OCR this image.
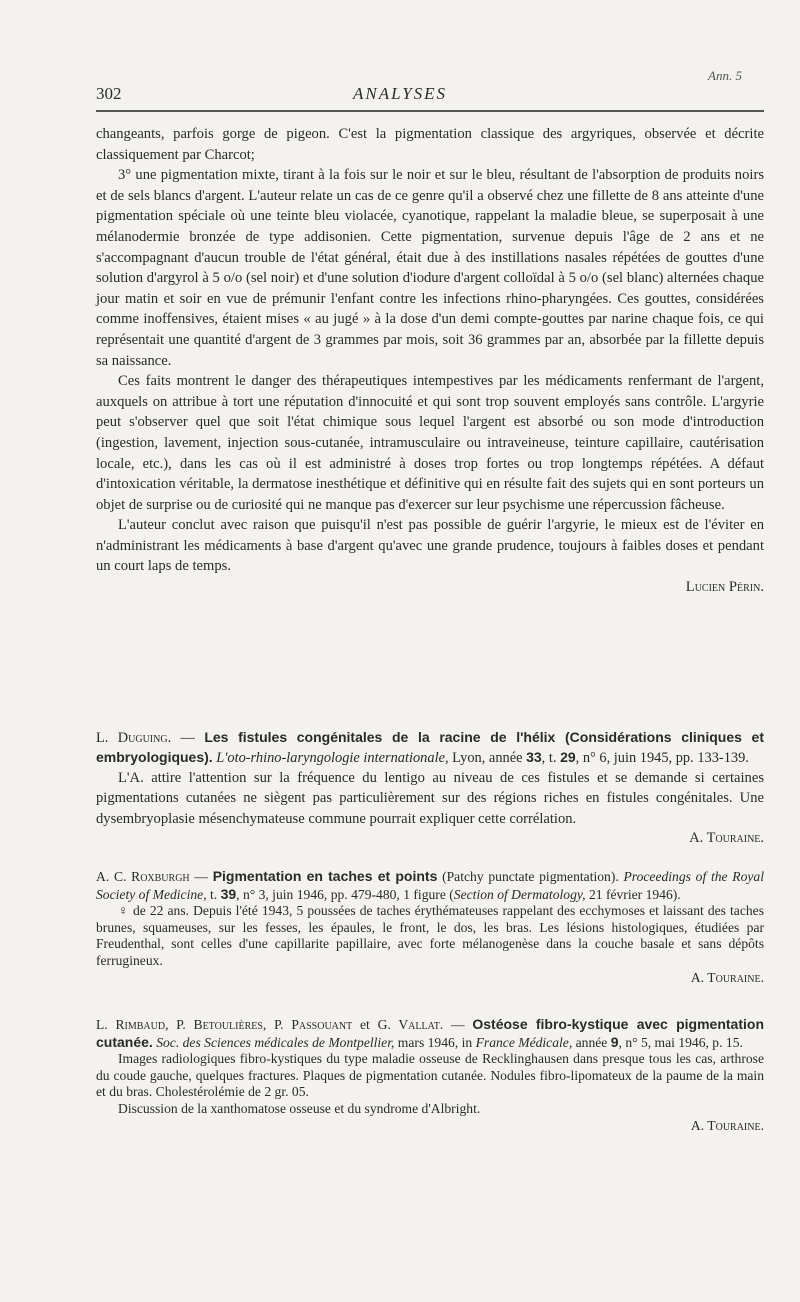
Ann. 5
302	ANALYSES

changeants, parfois gorge de pigeon. C'est la pigmentation classique des argyriques, observée et décrite classiquement par Charcot;

3° une pigmentation mixte, tirant à la fois sur le noir et sur le bleu, résultant de l'absorption de produits noirs et de sels blancs d'argent. L'auteur relate un cas de ce genre qu'il a observé chez une fillette de 8 ans atteinte d'une pigmentation spéciale où une teinte bleu violacée, cyanotique, rappelant la maladie bleue, se superposait à une mélanodermie bronzée de type addisonien. Cette pigmentation, survenue depuis l'âge de 2 ans et ne s'accompagnant d'aucun trouble de l'état général, était due à des instillations nasales répétées de gouttes d'une solution d'argyrol à 5 o/o (sel noir) et d'une solution d'iodure d'argent colloïdal à 5 o/o (sel blanc) alternées chaque jour matin et soir en vue de prémunir l'enfant contre les infections rhino-pharyngées. Ces gouttes, considérées comme inoffensives, étaient mises « au jugé » à la dose d'un demi compte-gouttes par narine chaque fois, ce qui représentait une quantité d'argent de 3 grammes par mois, soit 36 grammes par an, absorbée par la fillette depuis sa naissance.

Ces faits montrent le danger des thérapeutiques intempestives par les médicaments renfermant de l'argent, auxquels on attribue à tort une réputation d'innocuité et qui sont trop souvent employés sans contrôle. L'argyrie peut s'observer quel que soit l'état chimique sous lequel l'argent est absorbé ou son mode d'introduction (ingestion, lavement, injection sous-cutanée, intramusculaire ou intraveineuse, teinture capillaire, cautérisation locale, etc.), dans les cas où il est administré à doses trop fortes ou trop longtemps répétées. A défaut d'intoxication véritable, la dermatose inesthétique et définitive qui en résulte fait des sujets qui en sont porteurs un objet de surprise ou de curiosité qui ne manque pas d'exercer sur leur psychisme une répercussion fâcheuse.

L'auteur conclut avec raison que puisqu'il n'est pas possible de guérir l'argyrie, le mieux est de l'éviter en n'administrant les médicaments à base d'argent qu'avec une grande prudence, toujours à faibles doses et pendant un court laps de temps.

Lucien Périn.

L. Duguing. — Les fistules congénitales de la racine de l'hélix (Considérations cliniques et embryologiques). L'oto-rhino-laryngologie internationale, Lyon, année 33, t. 29, n° 6, juin 1945, pp. 133-139.

L'A. attire l'attention sur la fréquence du lentigo au niveau de ces fistules et se demande si certaines pigmentations cutanées ne siègent pas particulièrement sur des régions riches en fistules congénitales. Une dysembryoplasie mésenchymateuse commune pourrait expliquer cette corrélation.

A. Touraine.

A. C. Roxburgh — Pigmentation en taches et points (Patchy punctate pigmentation). Proceedings of the Royal Society of Medicine, t. 39, n° 3, juin 1946, pp. 479-480, 1 figure (Section of Dermatology, 21 février 1946).

♀ de 22 ans. Depuis l'été 1943, 5 poussées de taches érythémateuses rappelant des ecchymoses et laissant des taches brunes, squameuses, sur les fesses, les épaules, le front, le dos, les bras. Les lésions histologiques, étudiées par Freudenthal, sont celles d'une capillarite papillaire, avec forte mélanogenèse dans la couche basale et sans dépôts ferrugineux.

A. Touraine.

L. Rimbaud, P. Betoulières, P. Passouant et G. Vallat. — Ostéose fibro-kystique avec pigmentation cutanée. Soc. des Sciences médicales de Montpellier, mars 1946, in France Médicale, année 9, n° 5, mai 1946, p. 15.

Images radiologiques fibro-kystiques du type maladie osseuse de Recklinghausen dans presque tous les cas, arthrose du coude gauche, quelques fractures. Plaques de pigmentation cutanée. Nodules fibro-lipomateux de la paume de la main et du bras. Cholestérolémie de 2 gr. 05.

Discussion de la xanthomatose osseuse et du syndrome d'Albright.

A. Touraine.
